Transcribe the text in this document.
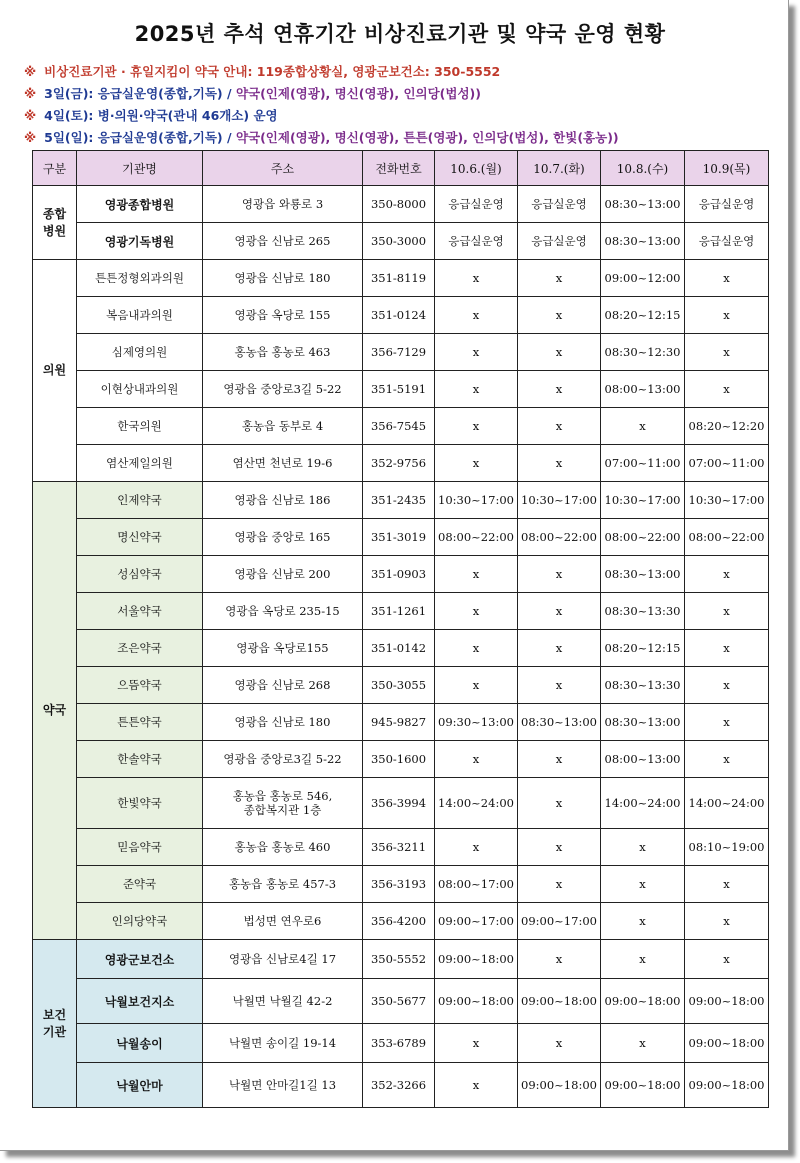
2025년 추석 연휴기간 비상진료기관 및 약국 운영 현황
※ 비상진료기관 · 휴일지킴이 약국 안내: 119종합상황실, 영광군보건소: 350-5552
※ 3일(금): 응급실운영(종합,기독) / 약국(인제(영광), 명신(영광), 인의당(법성))
※ 4일(토): 병·의원·약국(관내 46개소) 운영
※ 5일(일): 응급실운영(종합,기독) / 약국(인제(영광), 명신(영광), 튼튼(영광), 인의당(법성), 한빛(홍농))
구분	기관명	주소	전화번호	10.6.(월)	10.7.(화)	10.8.(수)	10.9(목)
종합
병원	영광종합병원	영광읍 와룡로 3	350-8000	응급실운영	응급실운영	08:30~13:00	응급실운영
	영광기독병원	영광읍 신남로 265	350-3000	응급실운영	응급실운영	08:30~13:00	응급실운영
의원	튼튼정형외과의원	영광읍 신남로 180	351-8119	x	x	09:00~12:00	x
	복음내과의원	영광읍 옥당로 155	351-0124	x	x	08:20~12:15	x
	심제영의원	홍농읍 홍농로 463	356-7129	x	x	08:30~12:30	x
	이현상내과의원	영광읍 중앙로3길 5-22	351-5191	x	x	08:00~13:00	x
	한국의원	홍농읍 동부로 4	356-7545	x	x	x	08:20~12:20
	염산제일의원	염산면 천년로 19-6	352-9756	x	x	07:00~11:00	07:00~11:00
약국	인제약국	영광읍 신남로 186	351-2435	10:30~17:00	10:30~17:00	10:30~17:00	10:30~17:00
	명신약국	영광읍 중앙로 165	351-3019	08:00~22:00	08:00~22:00	08:00~22:00	08:00~22:00
	성심약국	영광읍 신남로 200	351-0903	x	x	08:30~13:00	x
	서울약국	영광읍 옥당로 235-15	351-1261	x	x	08:30~13:30	x
	조은약국	영광읍 옥당로155	351-0142	x	x	08:20~12:15	x
	으뜸약국	영광읍 신남로 268	350-3055	x	x	08:30~13:30	x
	튼튼약국	영광읍 신남로 180	945-9827	09:30~13:00	08:30~13:00	08:30~13:00	x
	한솔약국	영광읍 중앙로3길 5-22	350-1600	x	x	08:00~13:00	x
	한빛약국	홍농읍 홍농로 546,
종합복지관 1층	356-3994	14:00~24:00	x	14:00~24:00	14:00~24:00
	믿음약국	홍농읍 홍농로 460	356-3211	x	x	x	08:10~19:00
	준약국	홍농읍 홍농로 457-3	356-3193	08:00~17:00	x	x	x
	인의당약국	법성면 연우로6	356-4200	09:00~17:00	09:00~17:00	x	x
보건
기관	영광군보건소	영광읍 신남로4길 17	350-5552	09:00~18:00	x	x	x
	낙월보건지소	낙월면 낙월길 42-2	350-5677	09:00~18:00	09:00~18:00	09:00~18:00	09:00~18:00
	낙월송이	낙월면 송이길 19-14	353-6789	x	x	x	09:00~18:00
	낙월안마	낙월면 안마길1길 13	352-3266	x	09:00~18:00	09:00~18:00	09:00~18:00
